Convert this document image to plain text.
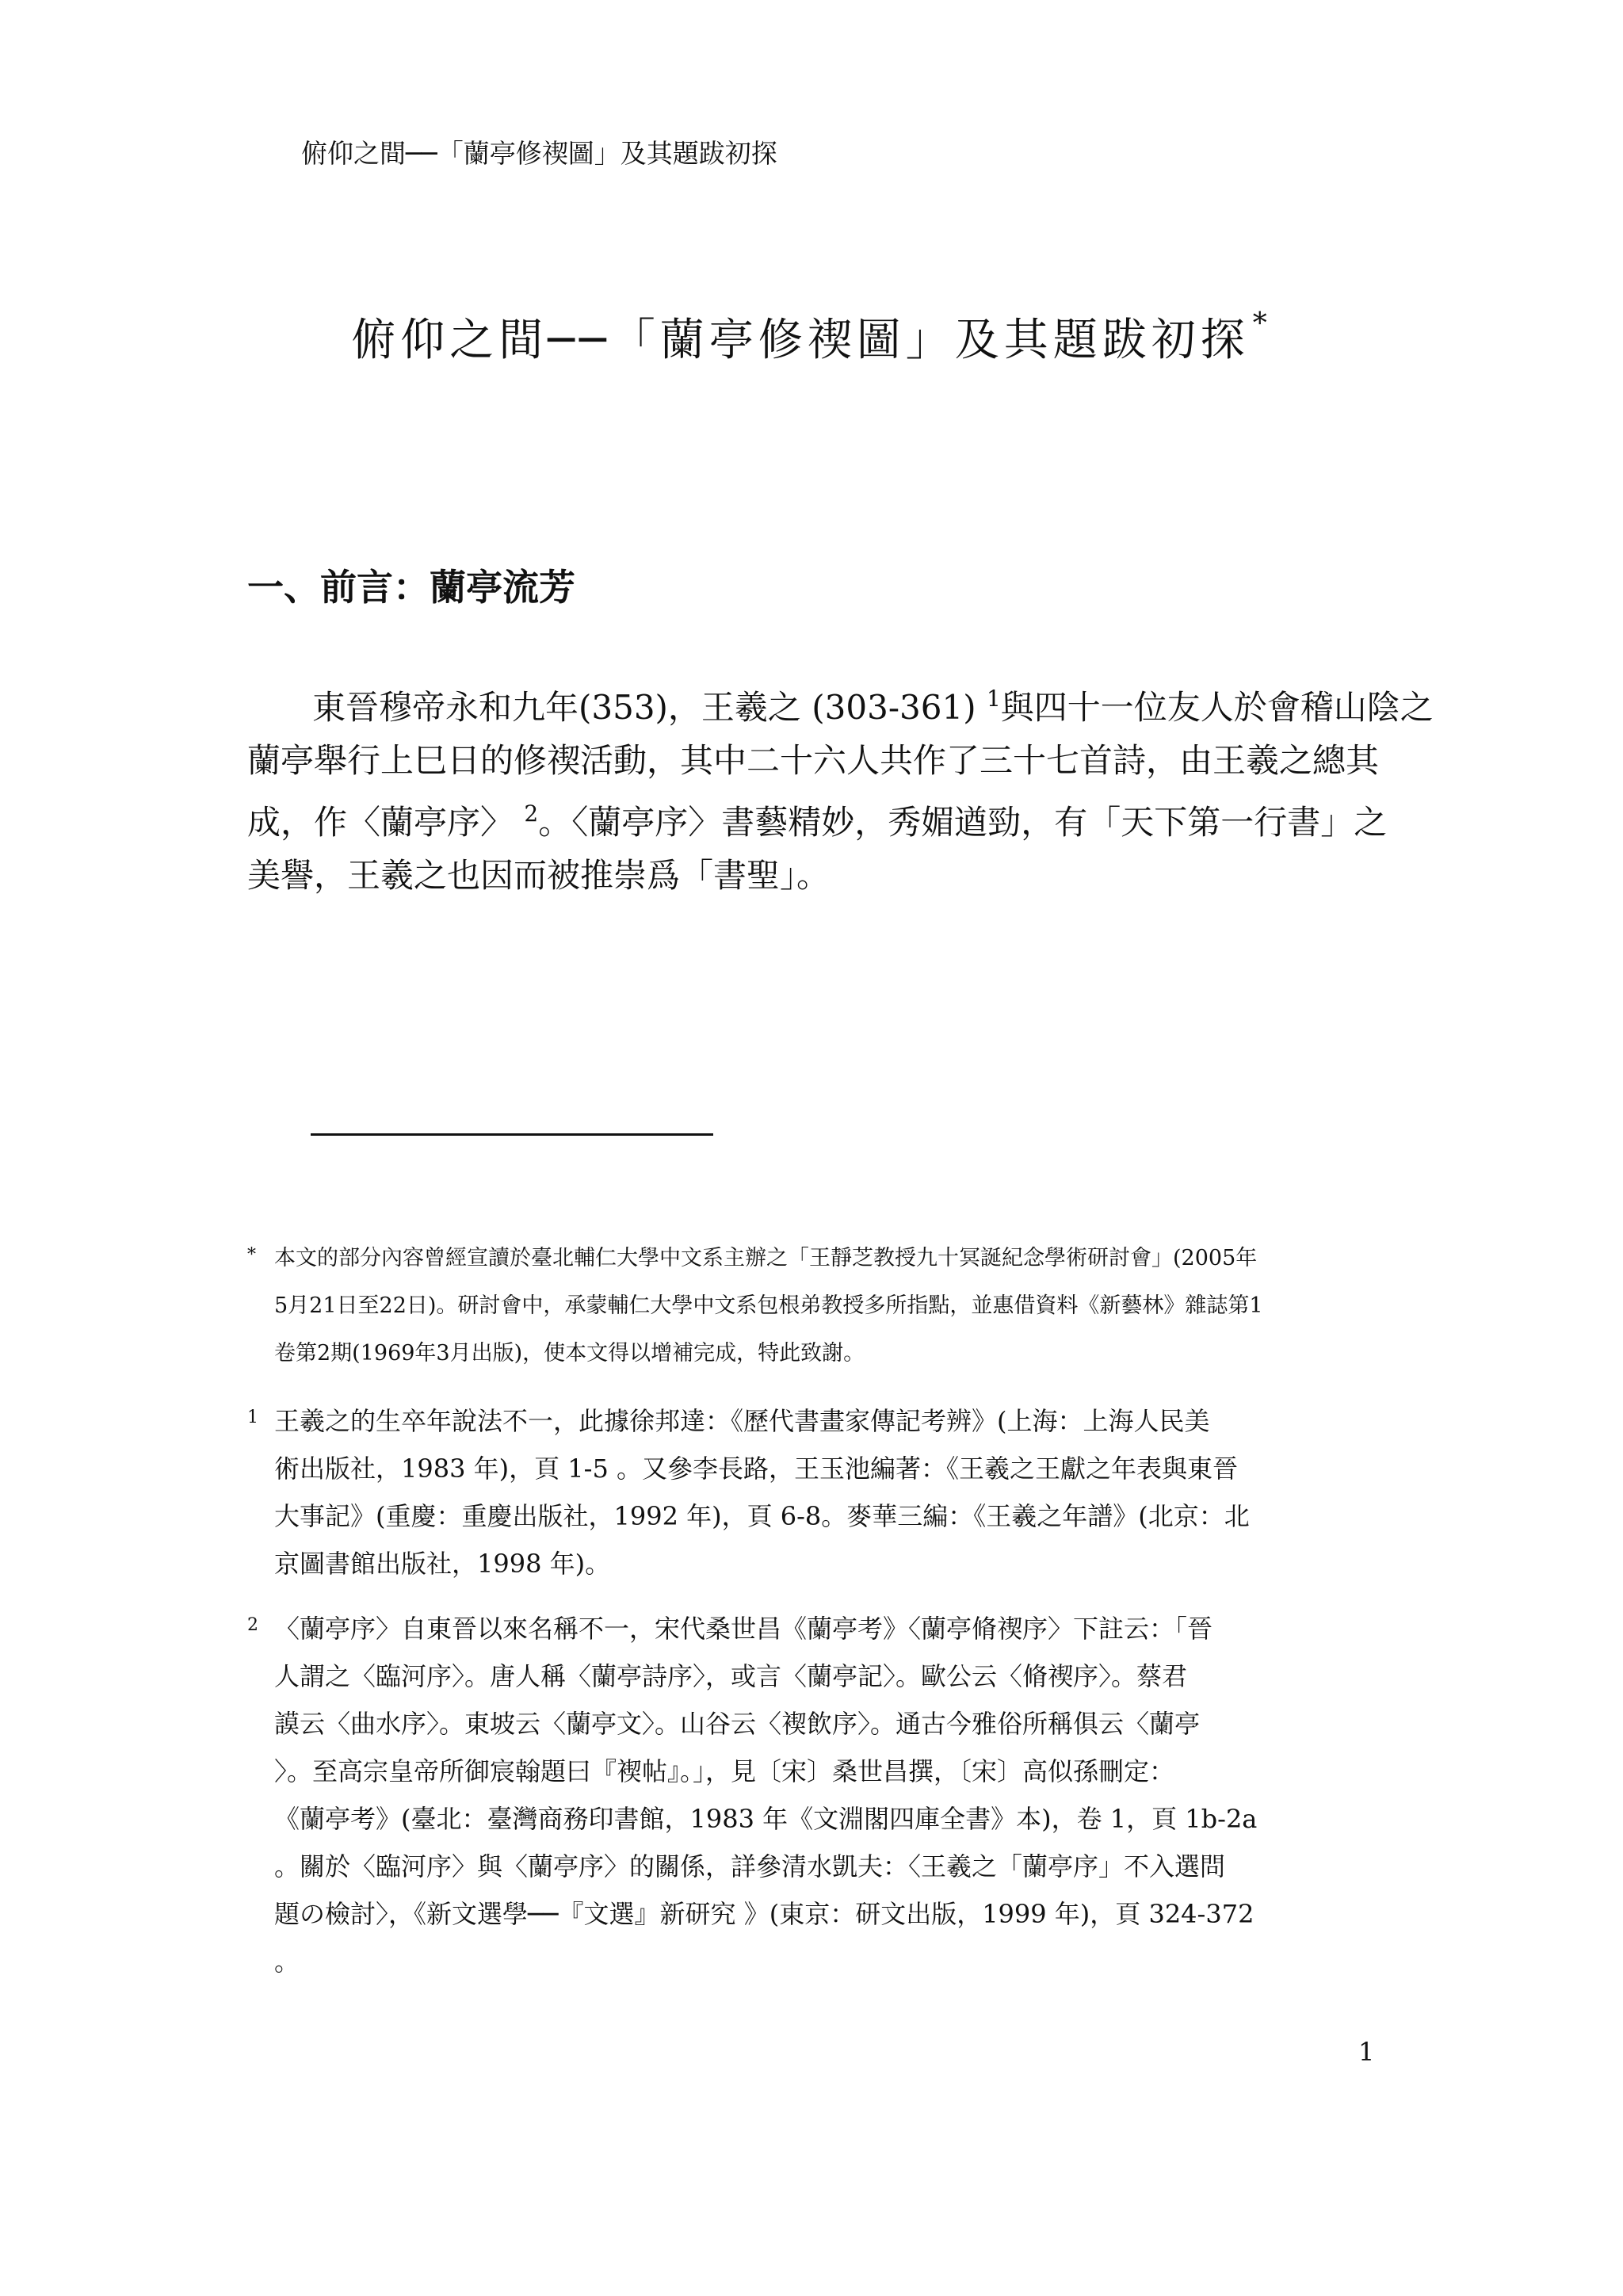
俯仰之間──「蘭亭修禊圖」及其題跋初探
俯仰之間──「蘭亭修禊圖」及其題跋初探 *
一、前言：蘭亭流芳
東晉穆帝永和九年(353)，王羲之 (303-361) $^1$與四十一位友人於會稽山陰之
蘭亭舉行上巳日的修禊活動，其中二十六人共作了三十七首詩，由王羲之總其
成，作〈蘭亭序〉 $^2$。〈蘭亭序〉書藝精妙，秀媚遒勁，有「天下第一行書」之
美譽，王羲之也因而被推崇爲「書聖」。
* 本文的部分內容曾經宣讀於臺北輔仁大學中文系主辦之「王靜芝教授九十冥誕紀念學術研討會」(2005年
5月21日至22日)。研討會中，承蒙輔仁大學中文系包根弟教授多所指點，並惠借資料《新藝林》雜誌第1
卷第2期(1969年3月出版)，使本文得以增補完成，特此致謝。
1 王羲之的生卒年說法不一，此據徐邦達：《歷代書畫家傳記考辨》(上海：上海人民美
術出版社，1983 年)，頁 1-5 。又參李長路，王玉池編著：《王羲之王獻之年表與東晉
大事記》(重慶：重慶出版社，1992 年)，頁 6-8。麥華三編：《王羲之年譜》(北京：北
京圖書館出版社，1998 年)。
2 〈蘭亭序〉自東晉以來名稱不一，宋代桑世昌《蘭亭考》〈蘭亭脩禊序〉下註云：「晉
人謂之〈臨河序〉。唐人稱〈蘭亭詩序〉，或言〈蘭亭記〉。歐公云〈脩禊序〉。蔡君
謨云〈曲水序〉。東坡云〈蘭亭文〉。山谷云〈褉飲序〉。通古今雅俗所稱俱云〈蘭亭
〉。至高宗皇帝所御宸翰題曰『褉帖』。」，見〔宋〕桑世昌撰，〔宋〕高似孫刪定：
《蘭亭考》(臺北：臺灣商務印書館，1983 年《文淵閣四庫全書》本)，卷 1，頁 1b-2a
。關於〈臨河序〉與〈蘭亭序〉的關係，詳參清水凱夫：〈王羲之「蘭亭序」不入選問
題の檢討〉，《新文選學──『文選』新研究 》(東京：研文出版，1999 年)，頁 324-372
。
1
